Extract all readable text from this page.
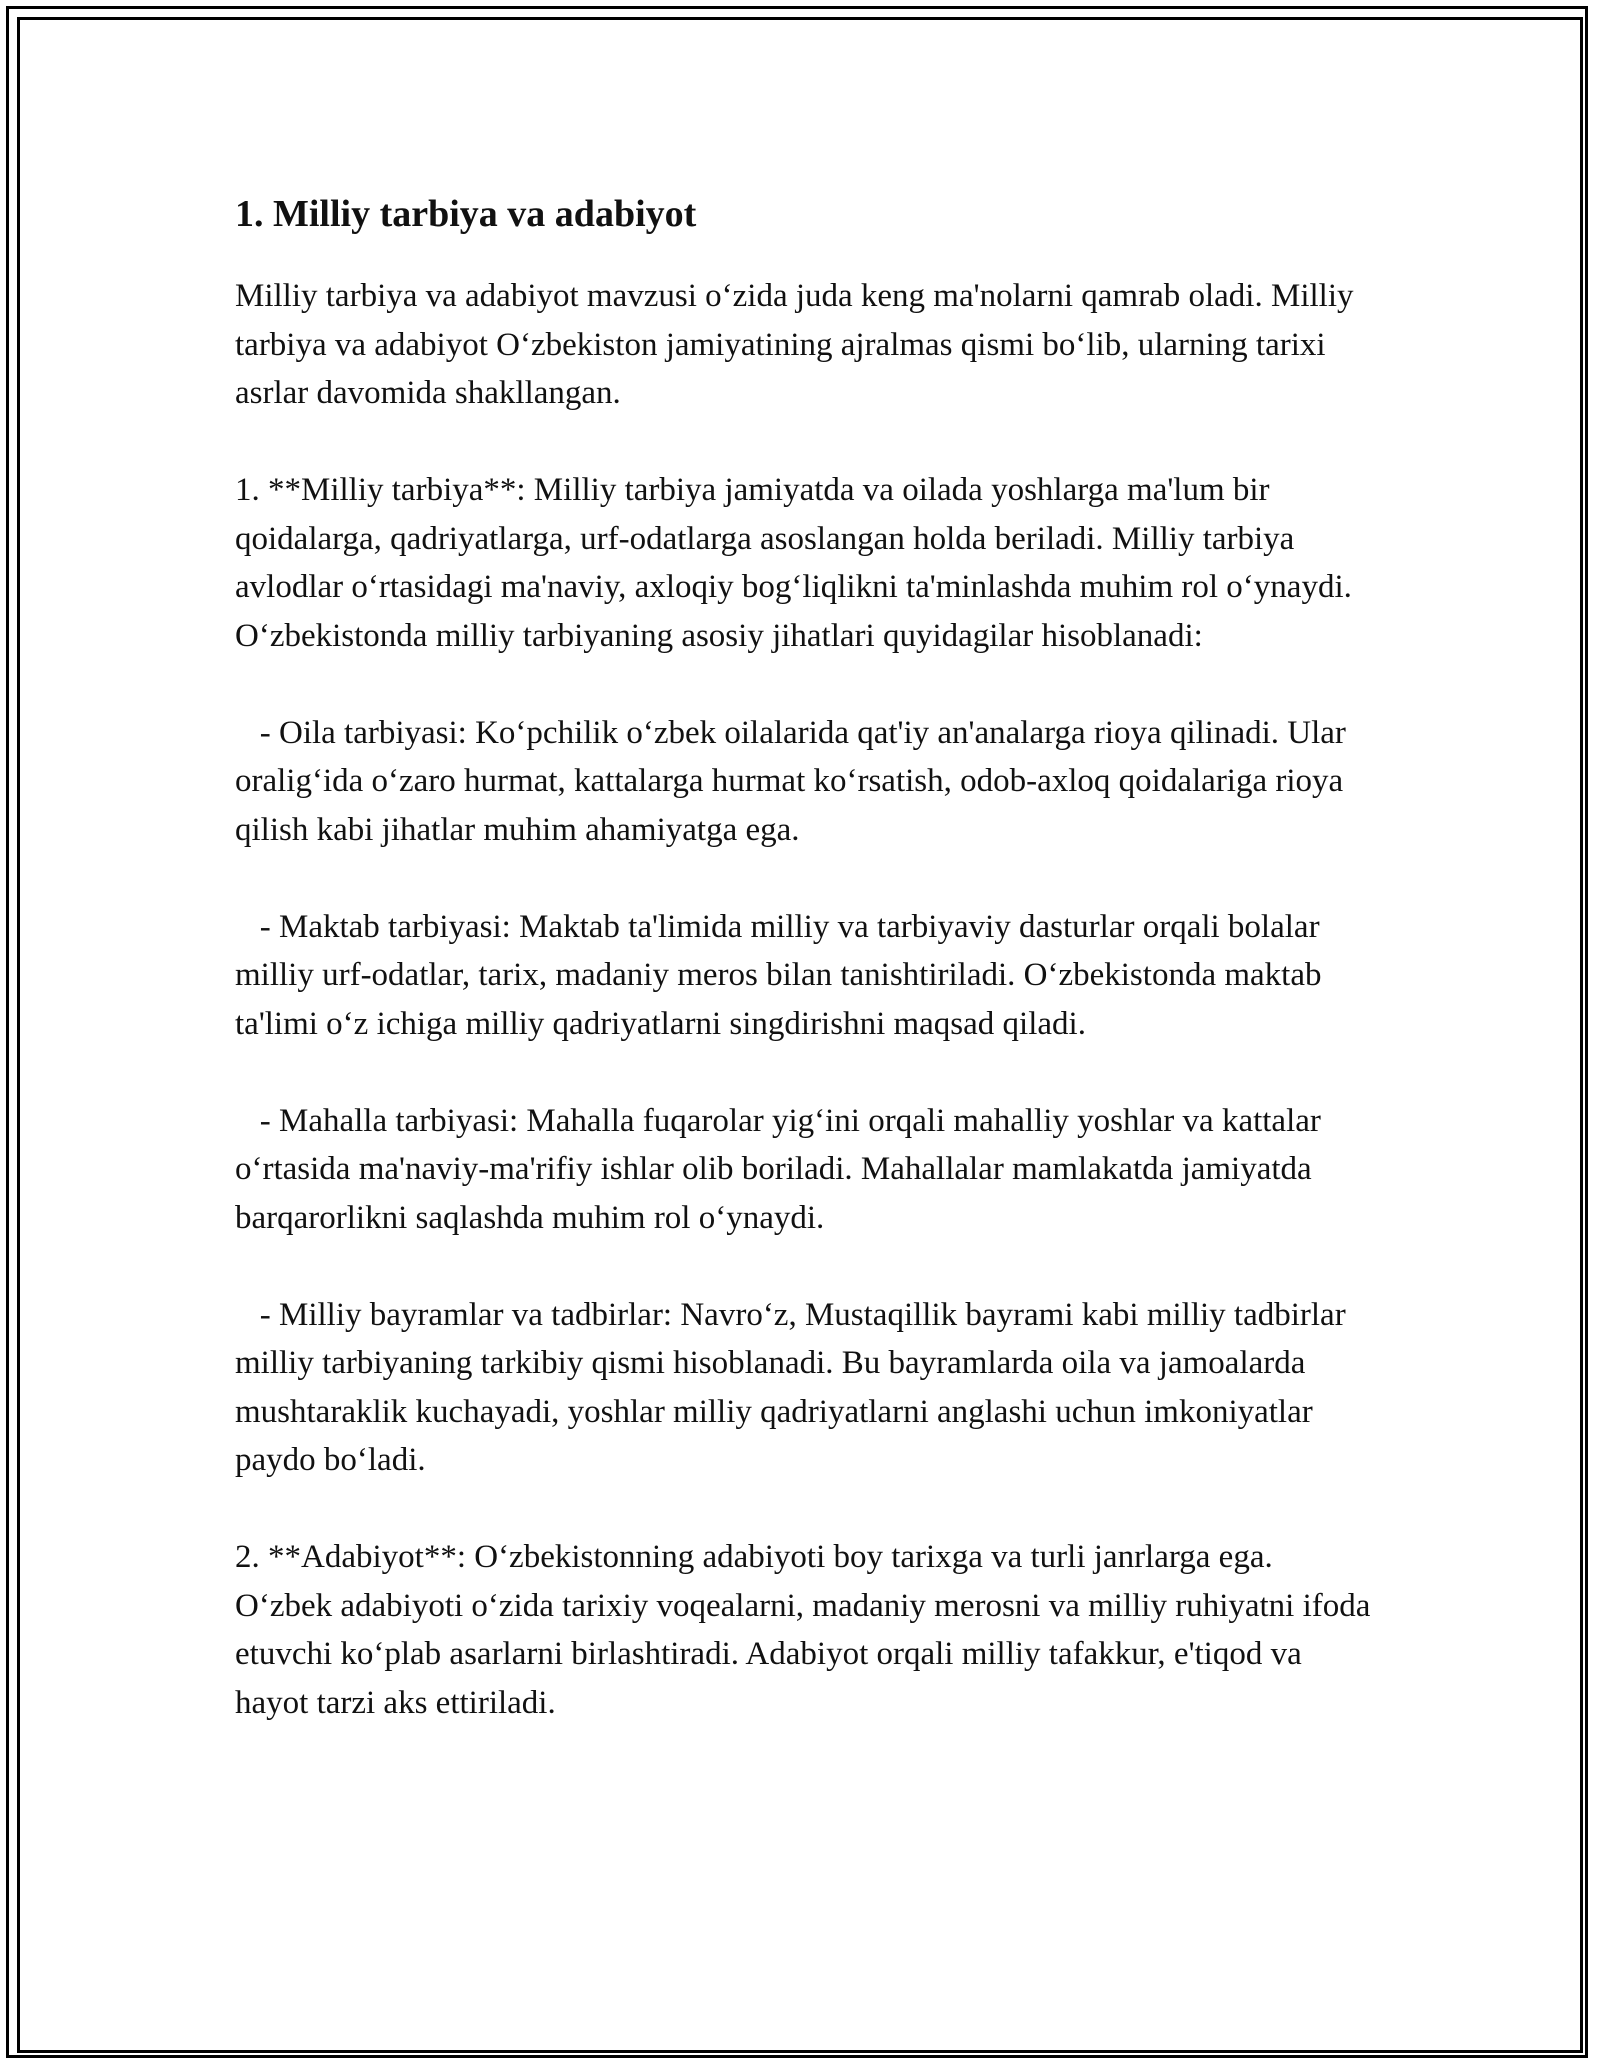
1. Milliy tarbiya va adabiyot

Milliy tarbiya va adabiyot mavzusi o‘zida juda keng ma'nolarni qamrab oladi. Milliy tarbiya va adabiyot O‘zbekiston jamiyatining ajralmas qismi bo‘lib, ularning tarixi asrlar davomida shakllangan.

1. **Milliy tarbiya**: Milliy tarbiya jamiyatda va oilada yoshlarga ma'lum bir qoidalarga, qadriyatlarga, urf-odatlarga asoslangan holda beriladi. Milliy tarbiya avlodlar o‘rtasidagi ma'naviy, axloqiy bog‘liqlikni ta'minlashda muhim rol o‘ynaydi. O‘zbekistonda milliy tarbiyaning asosiy jihatlari quyidagilar hisoblanadi:

- Oila tarbiyasi: Ko‘pchilik o‘zbek oilalarida qat'iy an'analarga rioya qilinadi. Ular oralig‘ida o‘zaro hurmat, kattalarga hurmat ko‘rsatish, odob-axloq qoidalariga rioya qilish kabi jihatlar muhim ahamiyatga ega.

- Maktab tarbiyasi: Maktab ta'limida milliy va tarbiyaviy dasturlar orqali bolalar milliy urf-odatlar, tarix, madaniy meros bilan tanishtiriladi. O‘zbekistonda maktab ta'limi o‘z ichiga milliy qadriyatlarni singdirishni maqsad qiladi.

- Mahalla tarbiyasi: Mahalla fuqarolar yig‘ini orqali mahalliy yoshlar va kattalar o‘rtasida ma'naviy-ma'rifiy ishlar olib boriladi. Mahallalar mamlakatda jamiyatda barqarorlikni saqlashda muhim rol o‘ynaydi.

- Milliy bayramlar va tadbirlar: Navro‘z, Mustaqillik bayrami kabi milliy tadbirlar milliy tarbiyaning tarkibiy qismi hisoblanadi. Bu bayramlarda oila va jamoalarda mushtaraklik kuchayadi, yoshlar milliy qadriyatlarni anglashi uchun imkoniyatlar paydo bo‘ladi.

2. **Adabiyot**: O‘zbekistonning adabiyoti boy tarixga va turli janrlarga ega. O‘zbek adabiyoti o‘zida tarixiy voqealarni, madaniy merosni va milliy ruhiyatni ifoda etuvchi ko‘plab asarlarni birlashtiradi. Adabiyot orqali milliy tafakkur, e'tiqod va hayot tarzi aks ettiriladi.
